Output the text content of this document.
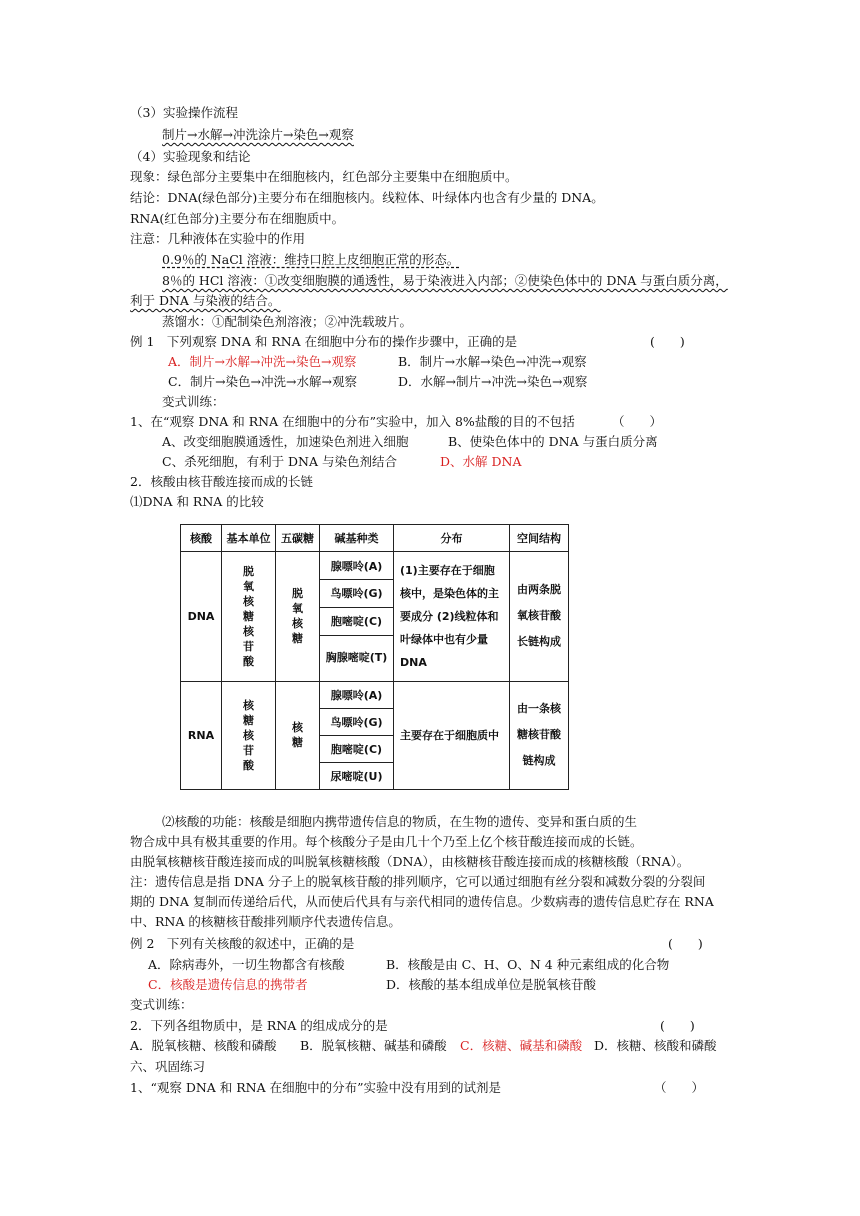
（3）实验操作流程
制片→水解→冲洗涂片→染色→观察
（4）实验现象和结论
现象：绿色部分主要集中在细胞核内，红色部分主要集中在细胞质中。
结论：DNA(绿色部分)主要分布在细胞核内。线粒体、叶绿体内也含有少量的 DNA。
RNA(红色部分)主要分布在细胞质中。
注意：几种液体在实验中的作用
0.9％的 NaCl 溶液：维持口腔上皮细胞正常的形态。
8％的 HCl 溶液：①改变细胞膜的通透性，易于染液进入内部；②使染色体中的 DNA 与蛋白质分离，
利于 DNA 与染液的结合。
蒸馏水：①配制染色剂溶液；②冲洗载玻片。
例 1　下列观察 DNA 和 RNA 在细胞中分布的操作步骤中，正确的是	(　　)
A．制片→水解→冲洗→染色→观察	B．制片→水解→染色→冲洗→观察
C．制片→染色→冲洗→水解→观察	D．水解→制片→冲洗→染色→观察
变式训练：
1、在“观察 DNA 和 RNA 在细胞中的分布”实验中，加入 8%盐酸的目的不包括	（　　）
A、改变细胞膜通透性，加速染色剂进入细胞	B、使染色体中的 DNA 与蛋白质分离
C、杀死细胞，有利于 DNA 与染色剂结合	D、水解 DNA
2．核酸由核苷酸连接而成的长链
⑴DNA 和 RNA 的比较
核酸	基本单位	五碳糖	碱基种类	分布	空间结构
DNA	脱氧核糖核苷酸	脱氧核糖	腺嘌呤(A)	(1)主要存在于细胞核中，是染色体的主要成分 (2)线粒体和叶绿体中也有少量DNA	由两条脱氧核苷酸长链构成
			鸟嘌呤(G)		
			胞嘧啶(C)		
			胸腺嘧啶(T)		
RNA	核糖核苷酸	核糖	腺嘌呤(A)	主要存在于细胞质中	由一条核糖核苷酸链构成
			鸟嘌呤(G)		
			胞嘧啶(C)		
			尿嘧啶(U)		
⑵核酸的功能：核酸是细胞内携带遗传信息的物质，在生物的遗传、变异和蛋白质的生
物合成中具有极其重要的作用。每个核酸分子是由几十个乃至上亿个核苷酸连接而成的长链。
由脱氧核糖核苷酸连接而成的叫脱氧核糖核酸（DNA），由核糖核苷酸连接而成的核糖核酸（RNA）。
注：遗传信息是指 DNA 分子上的脱氧核苷酸的排列顺序，它可以通过细胞有丝分裂和减数分裂的分裂间
期的 DNA 复制而传递给后代，从而使后代具有与亲代相同的遗传信息。少数病毒的遗传信息贮存在 RNA
中、RNA 的核糖核苷酸排列顺序代表遗传信息。
例 2　下列有关核酸的叙述中，正确的是	(　　)
A．除病毒外，一切生物都含有核酸	B．核酸是由 C、H、O、N 4 种元素组成的化合物
C．核酸是遗传信息的携带者	D．核酸的基本组成单位是脱氧核苷酸
变式训练：
2．下列各组物质中，是 RNA 的组成成分的是	(　　)
A．脱氧核糖、核酸和磷酸 B．脱氧核糖、碱基和磷酸 C．核糖、碱基和磷酸 D．核糖、核酸和磷酸
六、巩固练习
1、“观察 DNA 和 RNA 在细胞中的分布”实验中没有用到的试剂是	（　　）
